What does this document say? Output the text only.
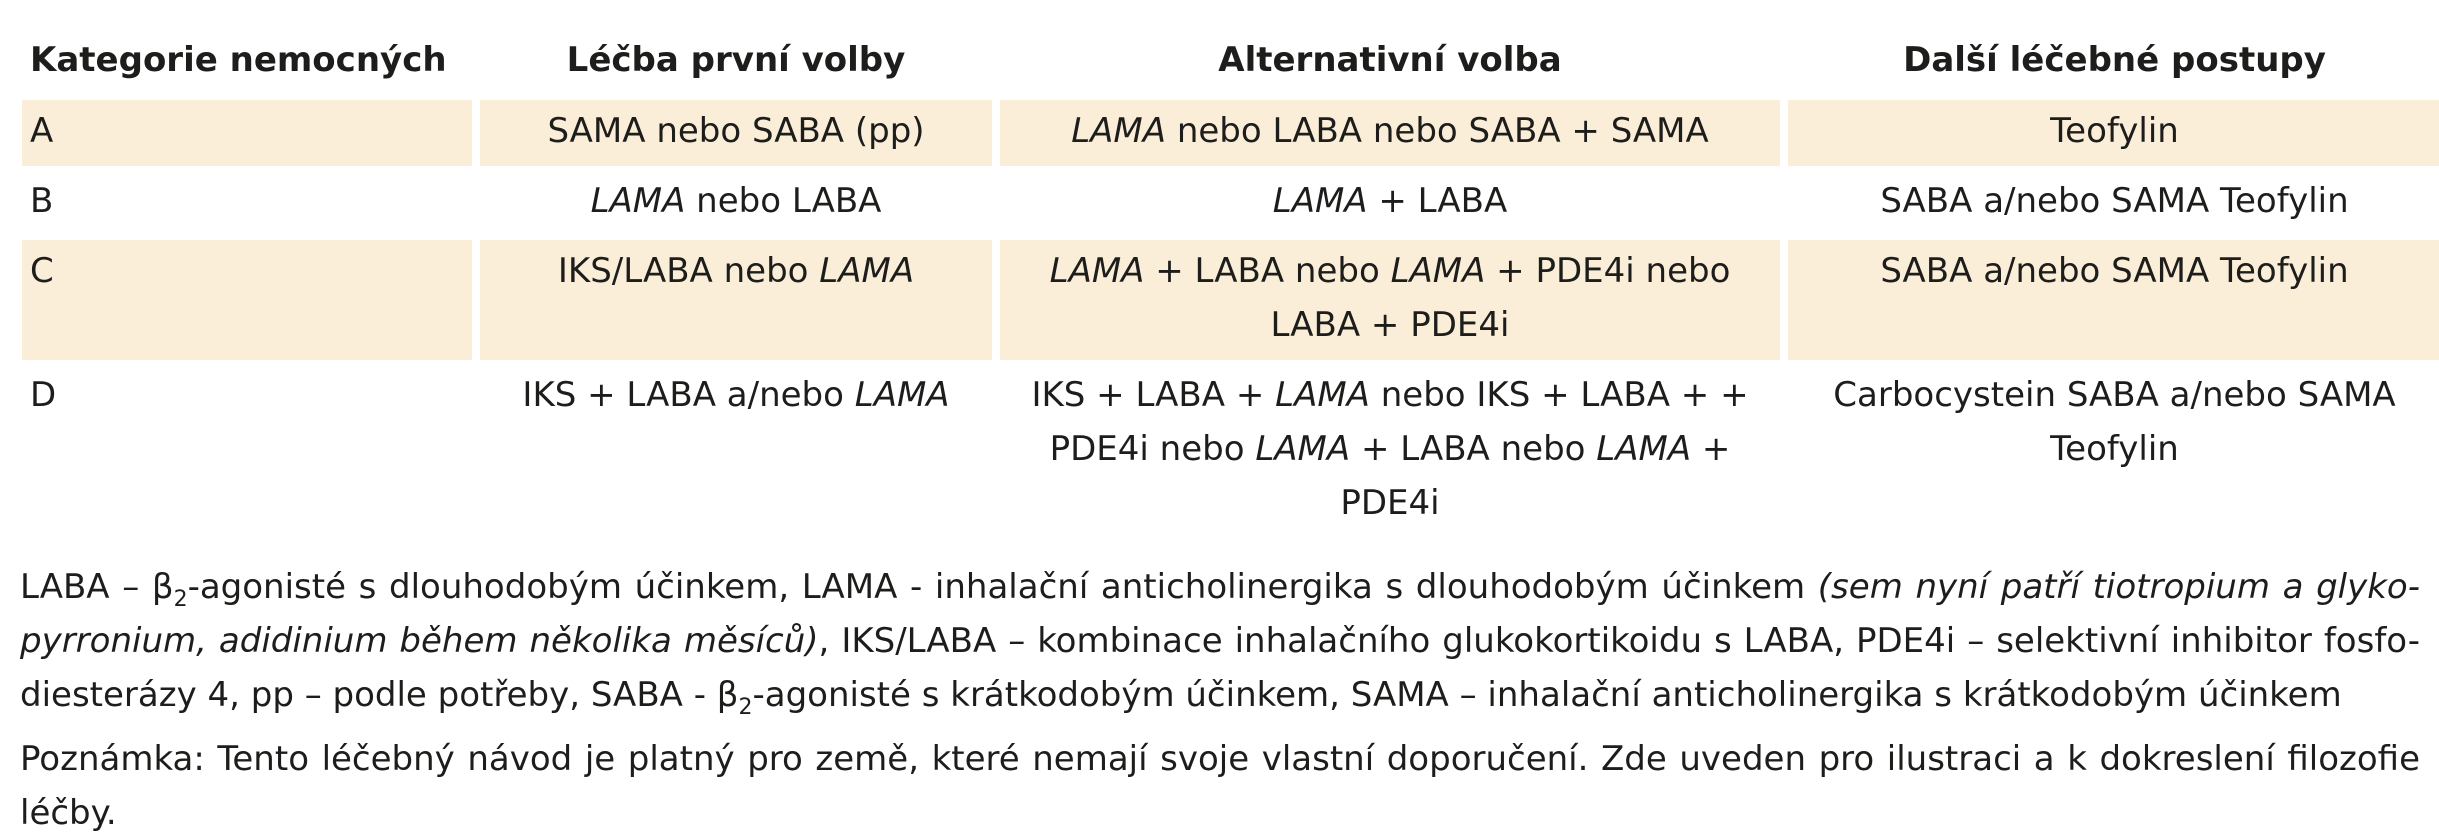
Kategorie nemocných	Léčba první volby	Alternativní volba	Další léčebné postupy
A	SAMA nebo SABA (pp)	LAMA nebo LABA nebo SABA + SAMA	Teofylin
B	LAMA nebo LABA	LAMA + LABA	SABA a/nebo SAMA Teofylin
C	IKS/LABA nebo LAMA	LAMA + LABA nebo LAMA + PDE4i nebo LABA + PDE4i	SABA a/nebo SAMA Teofylin
D	IKS + LABA a/nebo LAMA	IKS + LABA + LAMA nebo IKS + LABA + + PDE4i nebo LAMA + LABA nebo LAMA + PDE4i	Carbocystein SABA a/nebo SAMA Teofylin

LABA – $\beta_2$-agonisté s dlouhodobým účinkem, LAMA - inhalační anticholinergika s dlouhodobým účinkem (sem nyní patří tiotropium a glyko- pyrronium, adidinium během několika měsíců), IKS/LABA – kombinace inhalačního glukokortikoidu s LABA, PDE4i – selektivní inhibitor fosfo- diesterázy 4, pp – podle potřeby, SABA - $\beta_2$-agonisté s krátkodobým účinkem, SAMA – inhalační anticholinergika s krátkodobým účinkem

Poznámka: Tento léčebný návod je platný pro země, které nemají svoje vlastní doporučení. Zde uveden pro ilustraci a k dokreslení filozofie léčby.
